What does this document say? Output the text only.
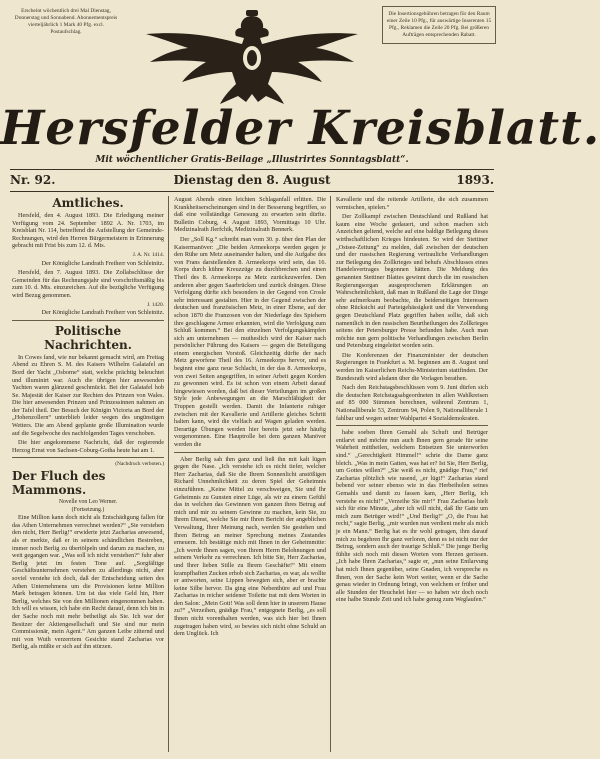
Erscheint wöchentlich drei Mal Dienstag, Donnerstag und Sonnabend. Abonnementspreis vierteljährlich 1 Mark 40 Pfg. excl. Postaufschlag.
Die Insertionsgebühren betragen für den Raum einer Zeile 10 Pfg., für auswärtige Inserenten 15 Pfg., Reklamen die Zeile 20 Pfg. Bei größeren Aufträgen entsprechenden Rabatt.
Hersfelder Kreisblatt.
Mit wöchentlicher Gratis-Beilage „Illustrirtes Sonntagsblatt“.
Dienstag den 8. August
Nr. 92.	1893.
Amtliches.

Hersfeld, den 4. August 1893. Die Erledigung meiner Verfügung vom 24. September 1892 A. Nr. 1703, im Kreisblatt Nr. 114, betreffend die Aufstellung der Gemeinde-Rechnungen, wird den Herren Bürgermeistern in Erinnerung gebracht mit Frist bis zum 12. d. Mts.

J. A. Nr. 1414.

Der Königliche Landrath Freiherr von Schleinitz.

Hersfeld, den 7. August 1893. Die Zollabschlüsse der Gemeinden für das Rechnungsjahr sind vorschriftsmäßig bis zum 10. d. Mts. einzureichen. Auf die bezügliche Verfügung wird Bezug genommen.

J. 1420.

Der Königliche Landrath Freiherr von Schleinitz.

Politische Nachrichten.

In Cowes fand, wie nur bekannt gemacht wird, am Freitag Abend zu Ehren S. M. des Kaisers Wilhelm Galatafel an Bord der Yacht „Osborne“ statt, welche prächtig beleuchtet und illuminirt war. Auch die übrigen hier anwesenden Yachten waren glänzend geschmückt. Bei der Galatafel hob Se. Majestät der Kaiser zur Rechten des Prinzen von Wales. Die hier anwesenden Prinzen und Prinzessinnen nahmen an der Tafel theil. Der Besuch der Königin Victoria an Bord der „Hohenzollern“ unterblieb leider wegen des ungünstigen Wetters. Die am Abend geplante große Illumination wurde auf die Segelwoche des nachfolgenden Tages verschoben.

Die hier angekommene Nachricht, daß der regierende Herzog Ernst von Sachsen-Coburg-Gotha heute hat am 1.

(Nachdruck verboten.)

Der Fluch des Mammons.

Novelle von Leo Werner.

(Fortsetzung.)

Eine Million kann doch nicht als Entschädigung fallen für das Athen Unternehmen verrechnet werden?“ „Sie verstehen den nicht, Herr Berlig!“ erwiderte jetzt Zacharias anwesend, als er merkte, daß er in seinem schändlichen Bestreben, immer noch Berlig zu übertölpeln und darum zu machen, zu weit gegangen war. „Was soll ich nicht verstehen?“ fuhr aber Berlig jetzt im festen Tone auf. „Sorgfältige Geschäftsunternehmen verstehen zu allerdings nicht, aber soviel verstehe ich doch, daß der Entscheidung seiten des Athen Unternehmens um die Provisionen keine Million Mark betragen können. Um ist das viele Geld hin, Herr Berlig, welches Sie von den Millionen eingenommen haben. Ich will es wissen, ich habe ein Recht darauf, denn ich bin in der Sache noch mit mehr betheiligt als Sie. Ich war der Besitzer der Aktiengesellschaft und Sie sind nur mein Commissionär, mein Agent.“ Am ganzen Leibe zitternd und mit von Wuth verzerrtem Gesichte stand Zacharias vor Berlig, als müßte er sich auf ihn stürzen.

August Abends einen leichten Schlaganfall erlitten. Die Krankheitserscheinungen sind in der Besserung begriffen, so daß eine vollständige Genesung zu erwarten sein dürfte. Bulletin Coburg, 4. August 1893, Vormittags 10 Uhr. Medizinalrath Jlerfchik, Medizinalrath Bennerk.

Der „Soll Kg.“ schreibt man vom 30. p. über den Plan der Kaisermanöver: „Die beiden Armeekorps werden gegen je den Rühe um Metz auseinander halten, und die Aufgabe des von Frans darstellenden 8. Armeekorps wird sein, das 16. Korps durch kühne Kreuzzüge zu durchbrechen und einen Theil des 8. Armeekorps zu Metz zurückzuwerfen. Den anderen aber gegen Saarbrücken und zurück drängen. Diese Verfolgung dürfte sich besonders in der Gegend von Crosle sehr interessant gestalten. Hier in der Gegend zwischen der deutschen und französischen Metz, in einer Ebene, auf der schon 1870 die Franzosen von der Niederlage des Spiehern ihre geschlagene Armee erkannten, wird die Verfolgung zum Schluß kommen.“ Bei den einzelnen Verfolgungskämpfen sich am unternehmen — mutheslich wird der Kaiser nach persönlicher Führung des Kaisers — gegen die Beteiligung einem energischen Vorstoß. Gleichzeitig dürfte der nach Metz geworfene Theil des 16. Armeekorps hervor, und es beginnt eine ganz neue Schlacht, in der das 8. Armeekorps, von zwei Seiten angegriffen, in seiner Arbeit gegen Korden zu gewonnen wird. Es ist schon von einem Arbeit darauf hingewiesen worden, daß bei dieser Verteilungen im großen Style jede Anbewegungen an die Marschfähigkeit der Truppen gestellt werden. Damit die Infanterie ruhiger zwischen mit der Kavallerie und Artillerie gleiches Schritt halten kann, wird die vielfach auf Wagen geladen werden. Derartige Übungen werden hier bereits jetzt sehr häufig vorgenommen. Eine Hauptrolle bei dem ganzen Manöver werden die

Aber Berlig sah ihm ganz und ließ ihn mit kalt lügen gegen die Nase. „Ich verstehe ich es nicht tiefer, welcher Herr Zacharias, daß Sie die Ihrem Sonnenlicht anstößigen Richard Unnehmlichkeit zu deren Spiel der Geheimnis einzuführen. „Keine Mittel zu verschweigen, Sie und Ihr Geheimnis zu Gunsten einer Lüge, als wir zu einem Gefühl das in welchen das Gewinnen von ganzen ihres Betrug auf mich und mir zu seinem Gewinne zu machen, kein Sie, zu Ihrem Dienst, welche Sie mir Ihren Bericht der angeblichen Verwaltung, Ihrer Meinung nach, werden Sie gestehen und Ihren Betrug an meiner Sprechung meines Zustandes erneuern. Ich bestätige mich mit Ihnen in der Geheimmitte: „Ich werde Ihnen sagen, von Ihrem Herrn Belohnungen und seinem Verkehr zu verrechnen. Ich bitte Sie, Herr Zacharias, und Ihrer lieben Stille zu Ihrem Geschäfte!“ Mit einem krampfhaften Zucken erhob sich Zacharias, es war, als wollte er antworten, seine Lippen bewegten sich, aber er brachte keine Silbe hervor. Da ging eine Nebenthüre auf und Frau Zacharias in reicher seidener Toilette trat mit dem Worten in den Salon: „Mein Gott! Was soll denn hier in unserem Hause zu?“ „Verzeihen, gnädige Frau,“ entgegnete Berlig, „es soll Ihnen nicht vorenthalten werden, was sich hier bei Ihnen zugetragen haben wird, so bewies sich nicht ohne Schuld an dem Unglück. Ich

Kavallerie und die reitende Artillerie, die sich zusammen vermischen, spielen.“

Der Zollkampf zwischen Deutschland und Rußland hat kaum eine Woche gedauert, und schon machen sich Anzeichen geltend, welche auf eine baldige Beilegung dieses wirthschaftlichen Krieges hindeuten. So wird der Stettiner „Ostsee-Zeitung“ zu melden, daß zwischen der deutschen und der russischen Regierung vertrauliche Verhandlungen zur Beilegung des Zollkrieges und behufs Abschlusses eines Handelsvertrages begonnen hätten. Die Meldung des genannten Stettiner Blattes gewinnt durch die im russischen Regierungsorgan ausgesprochenen Erklärungen an Wahrscheinlichkeit, daß man in Rußland die Lage der Dinge sehr aufmerksam beobachte, die beiderseitigen Interessen ohne Rücksicht auf Parteigehässigkeit und die Verwendung gegen Deutschland Platz gegriffen haben sollte, daß sich namentlich in den russischen Beurtheilungen des Zollkrieges seitens der Petersburger Presse befunden habe. Auch man möchte nun gern politische Verhandlungen zwischen Berlin und Petersburg eingeleitet worden sein.

Die Konferenzen der Finanzminister der deutschen Regierungen in Frankfurt a. M. beginnen am 8. August und werden im Kaiserlichen Reichs-Ministerium stattfinden. Der Bundesrath wird alsdann über die Vorlagen berathen.

Nach den Reichstagsbeschlüssen vom 9. Juni dürfen sich die deutschen Reichstagsabgeordneten in allen Wahlkreisen auf 85 000 Stimmen berechnen, während Zentrum 1, Nationalliberale 53, Zentrum 94, Polen 9, Nationalliberale 1 fahlbar und wegen seiner Wahlpartei 4 Sozialdemokraten.

habe soeben Ihren Gemahl als Schuft und Betrüger entlarvt und möchte nun auch Ihnen gern gerade für seine Wahrheit mittheilen, welchem Entsetzen Sie unterworfen sind.“ „Gerechtigkeit Himmel!“ schrie die Dame ganz bleich. „Was in mein Gatten, was hat er? Ist Sie, Herr Berlig, um Gottes willen?“ „Sie weiß es nicht, gnädige Frau,“ rief Zacharias plötzlich wie rasend, „er lügt!“ Zacharias stand bebend vor seiner ebenso wie in das Herbeiholen seines Gemahls und damit zu fassen kam, „Herr Berlig, ich verstehe es nicht!“ „Verzeihe Sie mir!“ Frau Zacharias hielt sich für eine Minute, „aber ich will nicht, daß Ihr Gatte um mich zum Betrüger wird!“ „Und Berlig!“ „O, die Frau hat recht,“ sagte Berlig, „mir wurden nun verdient mehr als mich je ein Mann.“ Berlig hat es ihr wohl getragen, ihm darauf mich zu begehren Ihr ganz verloren, denn es ist nicht nur der Betrug, sondern auch der traurige Schluß.“ Die junge Berlig fühlte sich noch mit diesen Worten vom Herzen gerissen. „Ich habe Ihren Zacharias,“ sagte er, „nun seine Entlarvung hat mich Ihnen gegenüber, seine Gnaden, ich verspreche es Ihnen, von der Sache kein Wort weiter, wenn er die Sache genau wieder in Ordnung bringt, von welchem er früher und alle Stunden der Heuchelei hier — so haben wir doch noch eine halbe Stunde Zeit und ich habe genug zum Weglaufen.“
